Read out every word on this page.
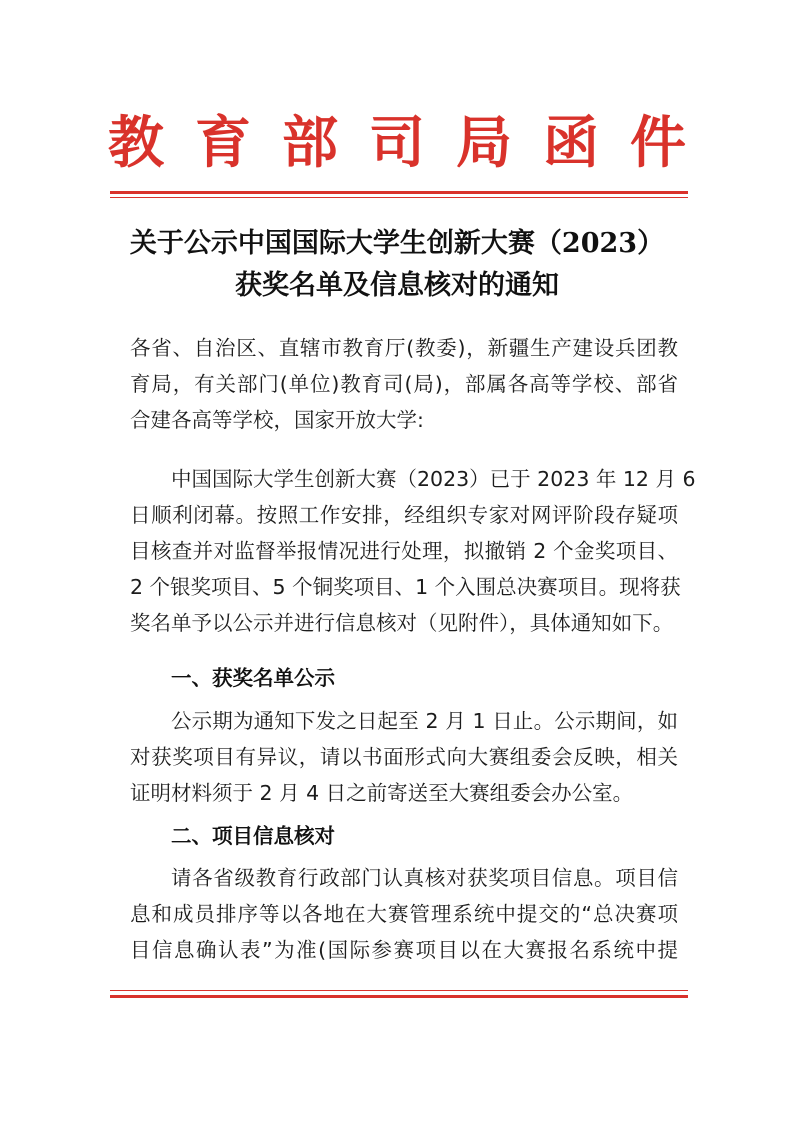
教育部司局函件
关于公示中国国际大学生创新大赛（2023）
获奖名单及信息核对的通知
各省、自治区、直辖市教育厅(教委)，新疆生产建设兵团教
育局，有关部门(单位)教育司(局)，部属各高等学校、部省
合建各高等学校，国家开放大学:
中国国际大学生创新大赛（2023）已于 2023 年 12 月 6
日顺利闭幕。按照工作安排，经组织专家对网评阶段存疑项
目核查并对监督举报情况进行处理，拟撤销 2 个金奖项目、
2 个银奖项目、5 个铜奖项目、1 个入围总决赛项目。现将获
奖名单予以公示并进行信息核对（见附件），具体通知如下。
一、获奖名单公示
公示期为通知下发之日起至 2 月 1 日止。公示期间，如
对获奖项目有异议，请以书面形式向大赛组委会反映，相关
证明材料须于 2 月 4 日之前寄送至大赛组委会办公室。
二、项目信息核对
请各省级教育行政部门认真核对获奖项目信息。项目信
息和成员排序等以各地在大赛管理系统中提交的“总决赛项
目信息确认表”为准(国际参赛项目以在大赛报名系统中提
